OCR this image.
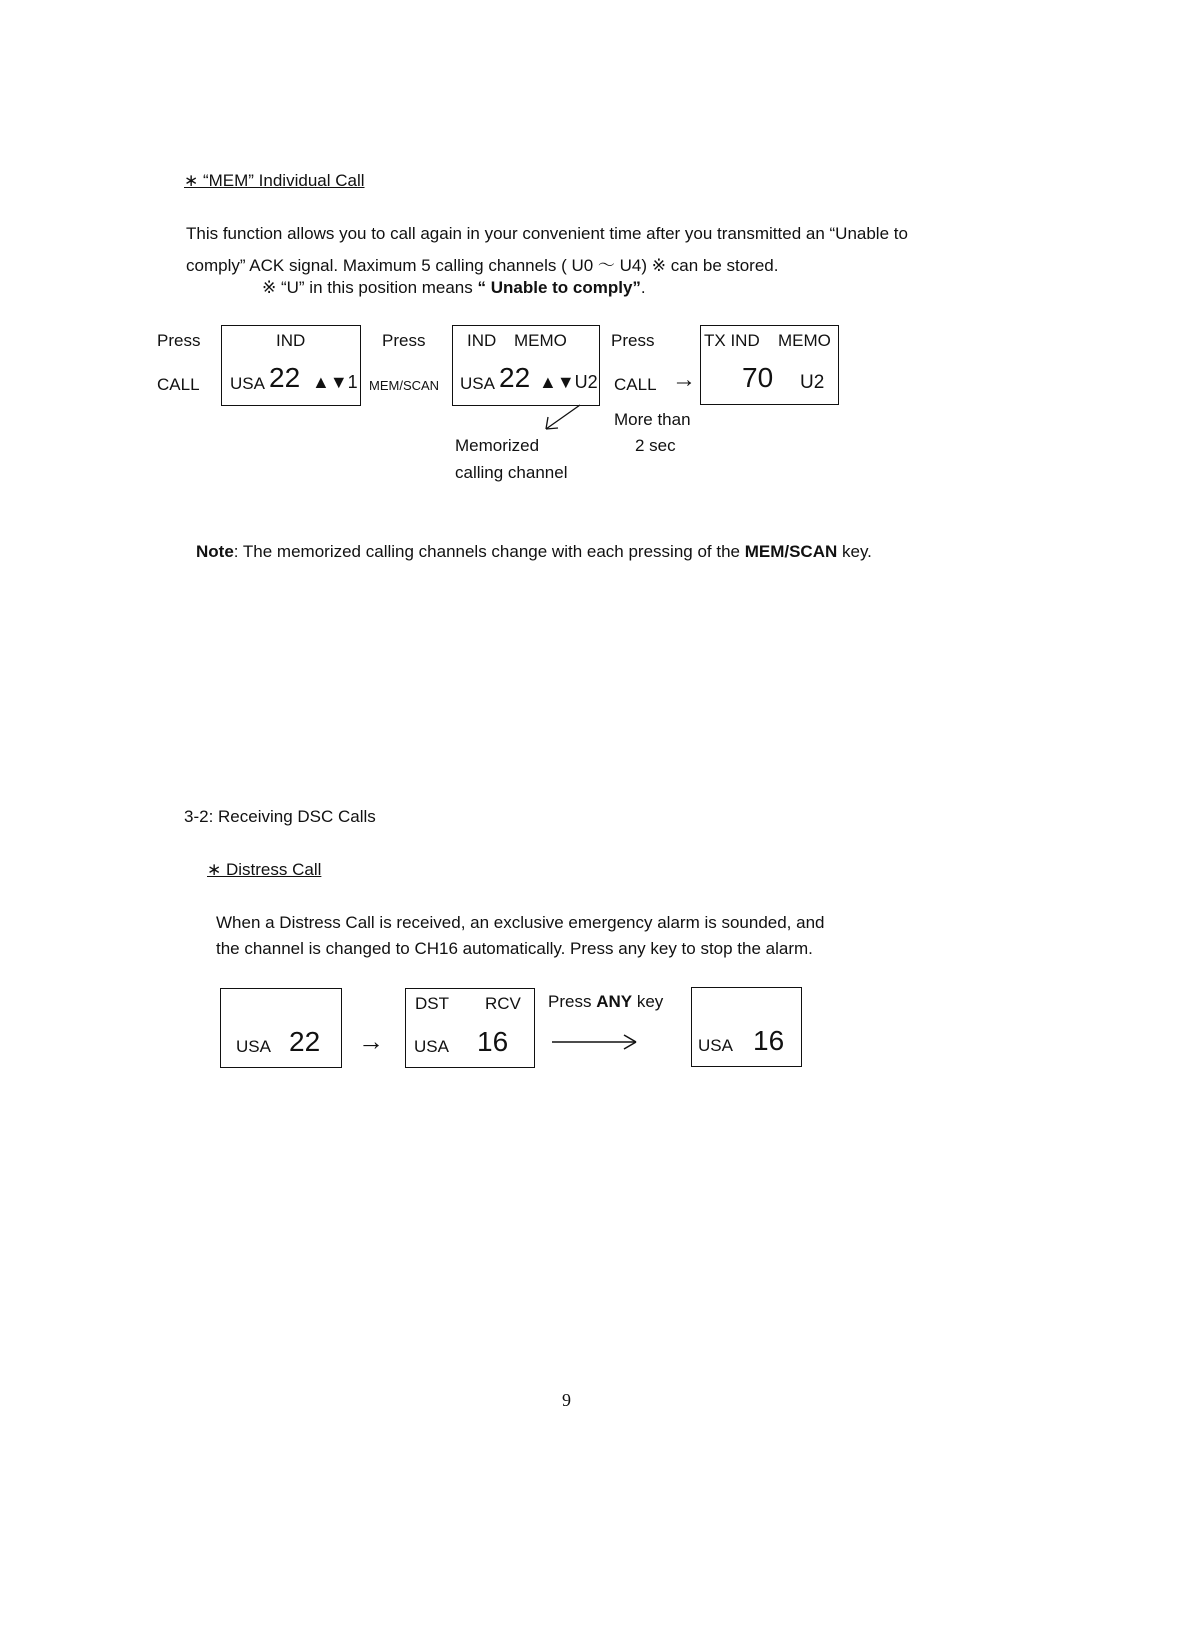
∗ “MEM” Individual Call
This function allows you to call again in your convenient time after you transmitted an “Unable to
comply” ACK signal. Maximum 5 calling channels ( U0 ～ U4) ※ can be stored.
※ “U” in this position means “ Unable to comply”.
Press
CALL
IND
USA 22 ▲▼1
Press
MEM/SCAN
IND MEMO
USA 22 ▲▼U2
Memorized
calling channel
Press
CALL →
More than
2 sec
TX IND MEMO
70 U2
Note: The memorized calling channels change with each pressing of the MEM/SCAN key.
3-2: Receiving DSC Calls
∗ Distress Call
When a Distress Call is received, an exclusive emergency alarm is sounded, and
the channel is changed to CH16 automatically. Press any key to stop the alarm.
USA 22 →
DST RCV
USA 16
Press ANY key
USA 16
9
